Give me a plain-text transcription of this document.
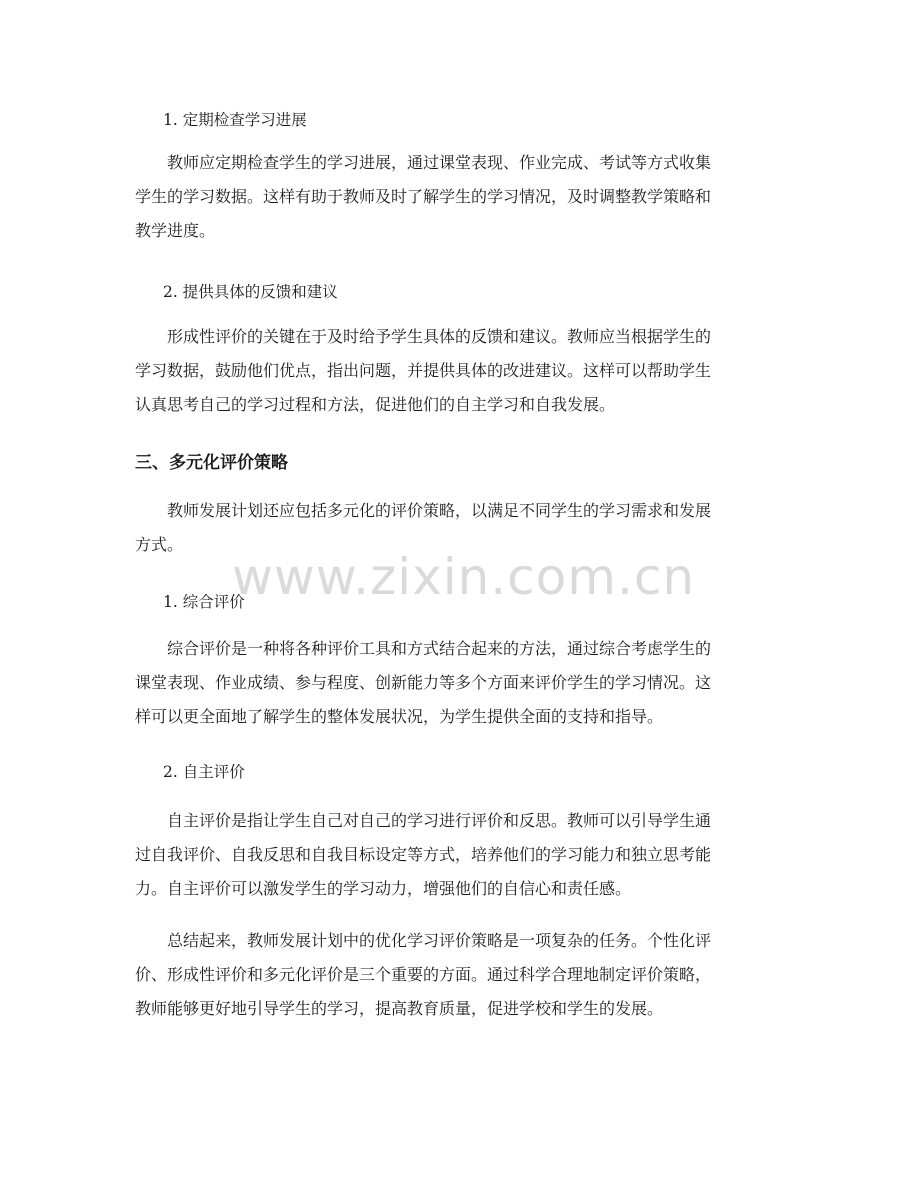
1. 定期检查学习进展

教师应定期检查学生的学习进展，通过课堂表现、作业完成、考试等方式收集
学生的学习数据。这样有助于教师及时了解学生的学习情况，及时调整教学策略和
教学进度。

2. 提供具体的反馈和建议

形成性评价的关键在于及时给予学生具体的反馈和建议。教师应当根据学生的
学习数据，鼓励他们优点，指出问题，并提供具体的改进建议。这样可以帮助学生
认真思考自己的学习过程和方法，促进他们的自主学习和自我发展。
三、多元化评价策略
教师发展计划还应包括多元化的评价策略，以满足不同学生的学习需求和发展
方式。

1. 综合评价

综合评价是一种将各种评价工具和方式结合起来的方法，通过综合考虑学生的
课堂表现、作业成绩、参与程度、创新能力等多个方面来评价学生的学习情况。这
样可以更全面地了解学生的整体发展状况，为学生提供全面的支持和指导。

2. 自主评价

自主评价是指让学生自己对自己的学习进行评价和反思。教师可以引导学生通
过自我评价、自我反思和自我目标设定等方式，培养他们的学习能力和独立思考能
力。自主评价可以激发学生的学习动力，增强他们的自信心和责任感。
总结起来，教师发展计划中的优化学习评价策略是一项复杂的任务。个性化评
价、形成性评价和多元化评价是三个重要的方面。通过科学合理地制定评价策略，
教师能够更好地引导学生的学习，提高教育质量，促进学校和学生的发展。
www.zixin.com.cn
